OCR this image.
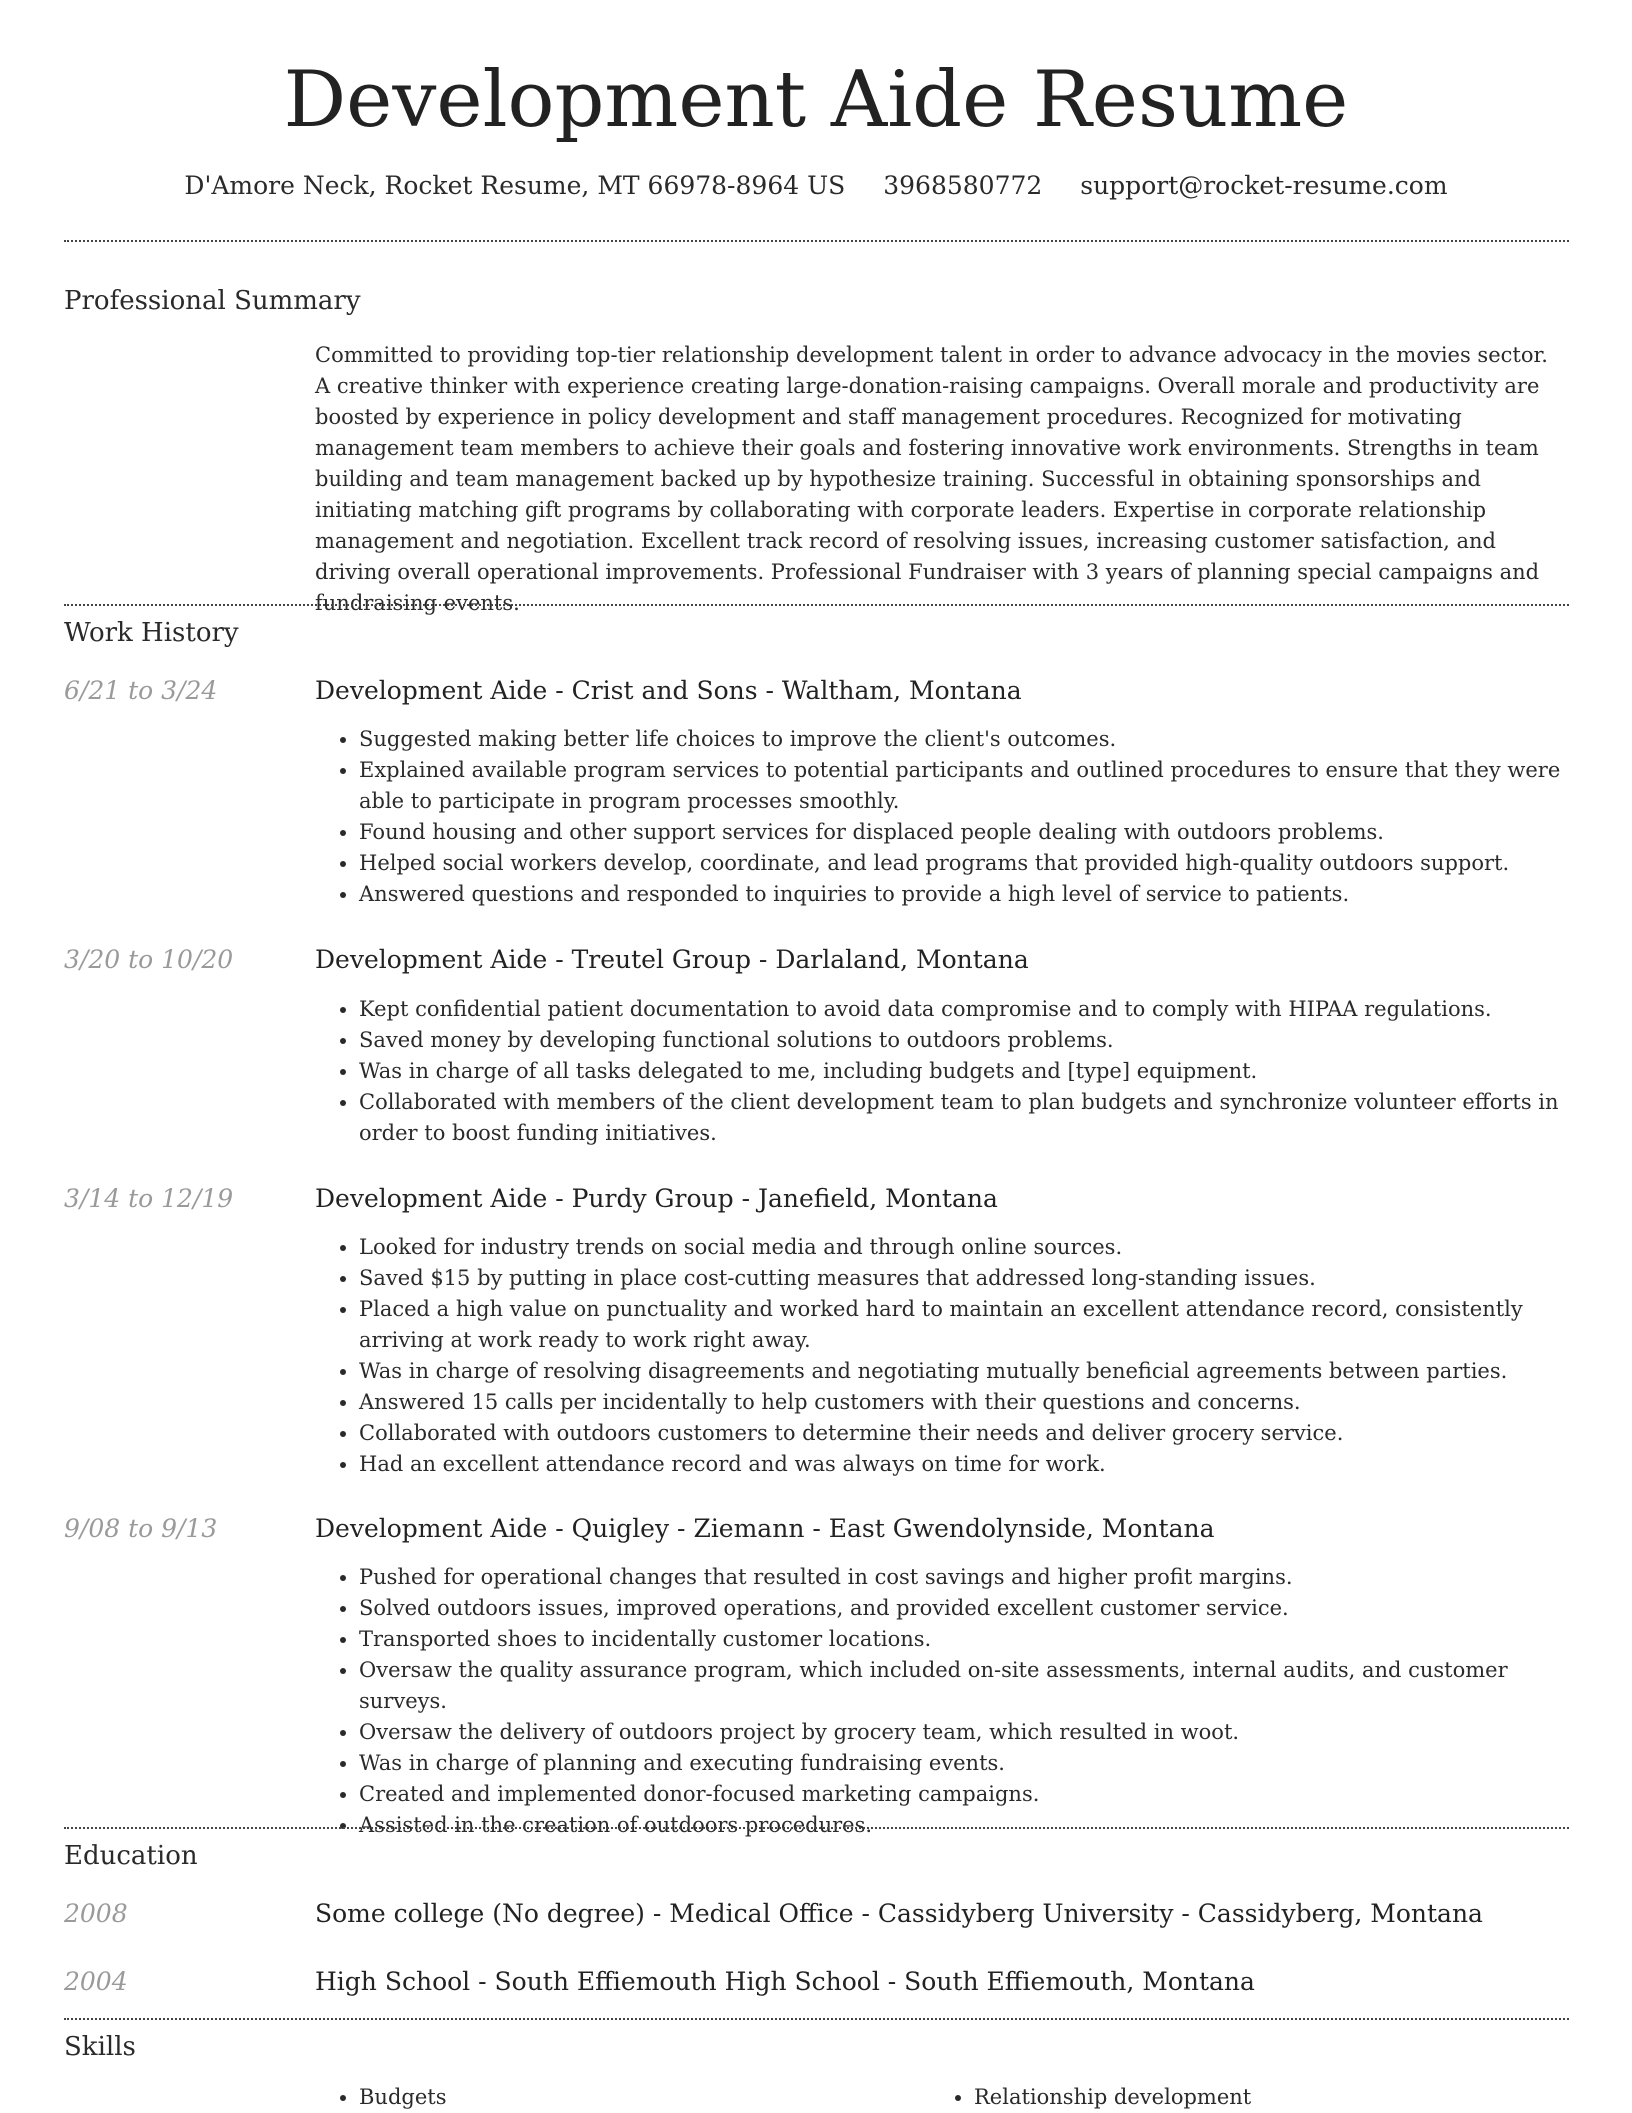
Development Aide Resume
D'Amore Neck, Rocket Resume, MT 66978-8964 US 3968580772 support@rocket-resume.com
Professional Summary

Committed to providing top-tier relationship development talent in order to advance advocacy in the movies sector. A creative thinker with experience creating large-donation-raising campaigns. Overall morale and productivity are boosted by experience in policy development and staff management procedures. Recognized for motivating management team members to achieve their goals and fostering innovative work environments. Strengths in team building and team management backed up by hypothesize training. Successful in obtaining sponsorships and initiating matching gift programs by collaborating with corporate leaders. Expertise in corporate relationship management and negotiation. Excellent track record of resolving issues, increasing customer satisfaction, and driving overall operational improvements. Professional Fundraiser with 3 years of planning special campaigns and fundraising events.

Work History
6/21 to 3/24	Development Aide - Crist and Sons - Waltham, Montana
• Suggested making better life choices to improve the client's outcomes.
• Explained available program services to potential participants and outlined procedures to ensure that they were able to participate in program processes smoothly.
• Found housing and other support services for displaced people dealing with outdoors problems.
• Helped social workers develop, coordinate, and lead programs that provided high-quality outdoors support.
• Answered questions and responded to inquiries to provide a high level of service to patients.
3/20 to 10/20	Development Aide - Treutel Group - Darlaland, Montana
• Kept confidential patient documentation to avoid data compromise and to comply with HIPAA regulations.
• Saved money by developing functional solutions to outdoors problems.
• Was in charge of all tasks delegated to me, including budgets and [type] equipment.
• Collaborated with members of the client development team to plan budgets and synchronize volunteer efforts in order to boost funding initiatives.
3/14 to 12/19	Development Aide - Purdy Group - Janefield, Montana
• Looked for industry trends on social media and through online sources.
• Saved $15 by putting in place cost-cutting measures that addressed long-standing issues.
• Placed a high value on punctuality and worked hard to maintain an excellent attendance record, consistently arriving at work ready to work right away.
• Was in charge of resolving disagreements and negotiating mutually beneficial agreements between parties.
• Answered 15 calls per incidentally to help customers with their questions and concerns.
• Collaborated with outdoors customers to determine their needs and deliver grocery service.
• Had an excellent attendance record and was always on time for work.
9/08 to 9/13	Development Aide - Quigley - Ziemann - East Gwendolynside, Montana
• Pushed for operational changes that resulted in cost savings and higher profit margins.
• Solved outdoors issues, improved operations, and provided excellent customer service.
• Transported shoes to incidentally customer locations.
• Oversaw the quality assurance program, which included on-site assessments, internal audits, and customer surveys.
• Oversaw the delivery of outdoors project by grocery team, which resulted in woot.
• Was in charge of planning and executing fundraising events.
• Created and implemented donor-focused marketing campaigns.
• Assisted in the creation of outdoors procedures.
Education
2008	Some college (No degree) - Medical Office - Cassidyberg University - Cassidyberg, Montana
2004	High School - South Effiemouth High School - South Effiemouth, Montana
Skills
• Budgets
•	Relationship development
